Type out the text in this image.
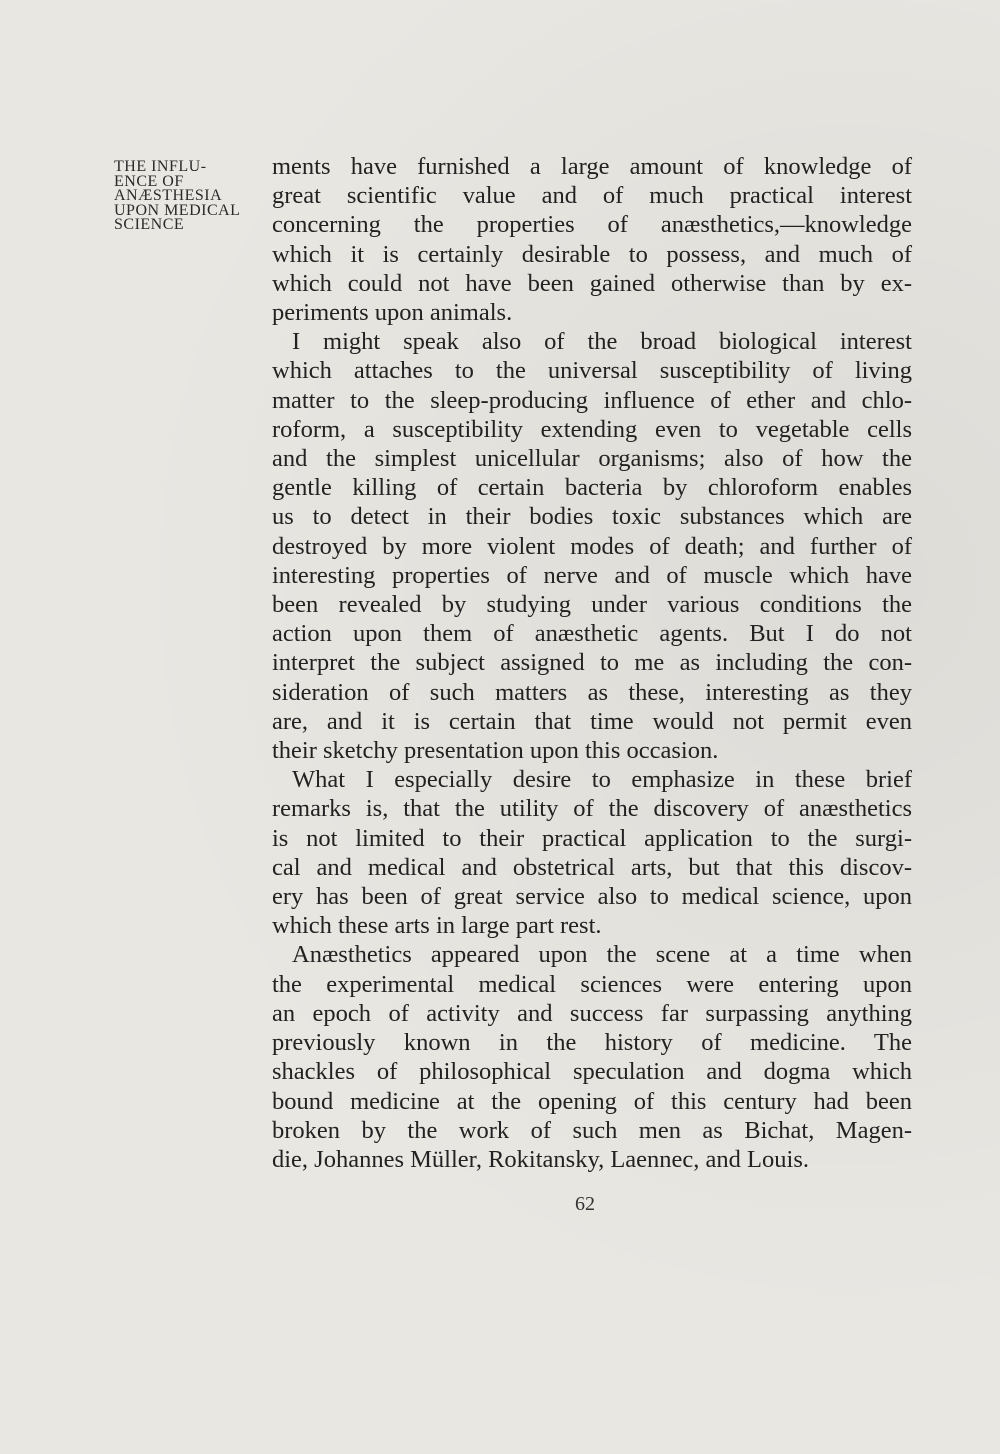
THE INFLU-
ENCE OF
ANÆSTHESIA
UPON MEDICAL
SCIENCE

ments have furnished a large amount of knowledge of
great scientific value and of much practical interest
concerning the properties of anæsthetics,—knowledge
which it is certainly desirable to possess, and much of
which could not have been gained otherwise than by ex-
periments upon animals.

I might speak also of the broad biological interest
which attaches to the universal susceptibility of living
matter to the sleep-producing influence of ether and chlo-
roform, a susceptibility extending even to vegetable cells
and the simplest unicellular organisms; also of how the
gentle killing of certain bacteria by chloroform enables
us to detect in their bodies toxic substances which are
destroyed by more violent modes of death; and further of
interesting properties of nerve and of muscle which have
been revealed by studying under various conditions the
action upon them of anæsthetic agents. But I do not
interpret the subject assigned to me as including the con-
sideration of such matters as these, interesting as they
are, and it is certain that time would not permit even
their sketchy presentation upon this occasion.

What I especially desire to emphasize in these brief
remarks is, that the utility of the discovery of anæsthetics
is not limited to their practical application to the surgi-
cal and medical and obstetrical arts, but that this discov-
ery has been of great service also to medical science, upon
which these arts in large part rest.

Anæsthetics appeared upon the scene at a time when
the experimental medical sciences were entering upon
an epoch of activity and success far surpassing anything
previously known in the history of medicine. The
shackles of philosophical speculation and dogma which
bound medicine at the opening of this century had been
broken by the work of such men as Bichat, Magen-
die, Johannes Müller, Rokitansky, Laennec, and Louis.

62
